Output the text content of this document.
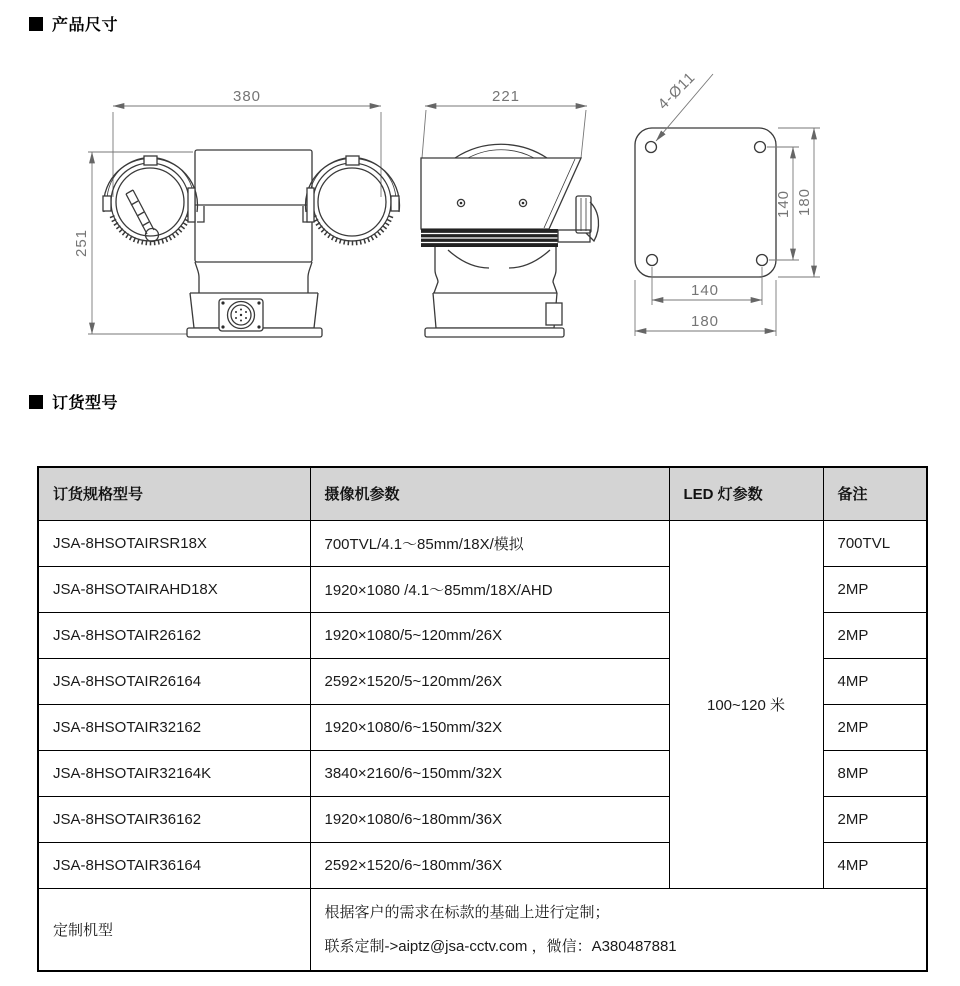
产品尺寸
380
251
221	4-Ø11
140 180
140
180
订货型号
订货规格型号	摄像机参数	LED 灯参数	备注
JSA-8HSOTAIRSR18X	700TVL/4.1～85mm/18X/模拟	100~120 米	700TVL
JSA-8HSOTAIRAHD18X	1920×1080 /4.1～85mm/18X/AHD		2MP
JSA-8HSOTAIR26162	1920×1080/5~120mm/26X		2MP
JSA-8HSOTAIR26164	2592×1520/5~120mm/26X		4MP
JSA-8HSOTAIR32162	1920×1080/6~150mm/32X		2MP
JSA-8HSOTAIR32164K	3840×2160/6~150mm/32X		8MP
JSA-8HSOTAIR36162	1920×1080/6~180mm/36X		2MP
JSA-8HSOTAIR36164	2592×1520/6~180mm/36X		4MP
定制机型	根据客户的需求在标款的基础上进行定制；
联系定制->aiptz@jsa-cctv.com ，微信：A380487881		
